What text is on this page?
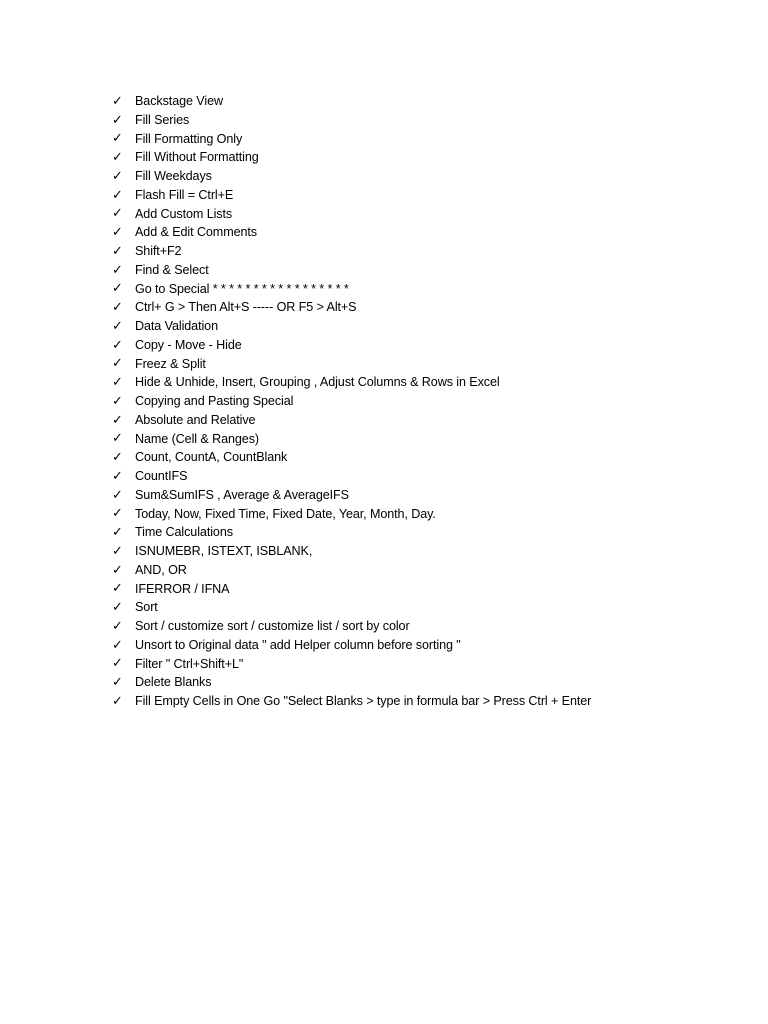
✓ Backstage View
✓ Fill Series
✓ Fill Formatting Only
✓ Fill Without Formatting
✓ Fill Weekdays
✓ Flash Fill = Ctrl+E
✓ Add Custom Lists
✓ Add & Edit Comments
✓ Shift+F2
✓ Find & Select
✓ Go to Special * * * * * * * * * * * * * * * * *
✓ Ctrl+ G > Then Alt+S ----- OR F5 > Alt+S
✓ Data Validation
✓ Copy - Move - Hide
✓ Freez & Split
✓ Hide & Unhide, Insert, Grouping , Adjust Columns & Rows in Excel
✓ Copying and Pasting Special
✓ Absolute and Relative
✓ Name (Cell & Ranges)
✓ Count, CountA, CountBlank
✓ CountIFS
✓ Sum&SumIFS , Average & AverageIFS
✓ Today, Now, Fixed Time, Fixed Date, Year, Month, Day.
✓ Time Calculations
✓ ISNUMEBR, ISTEXT, ISBLANK,
✓ AND, OR
✓ IFERROR / IFNA
✓ Sort
✓ Sort / customize sort / customize list / sort by color
✓ Unsort to Original data " add Helper column before sorting "
✓ Filter " Ctrl+Shift+L"
✓ Delete Blanks
✓ Fill Empty Cells in One Go "Select Blanks > type in formula bar > Press Ctrl + Enter
